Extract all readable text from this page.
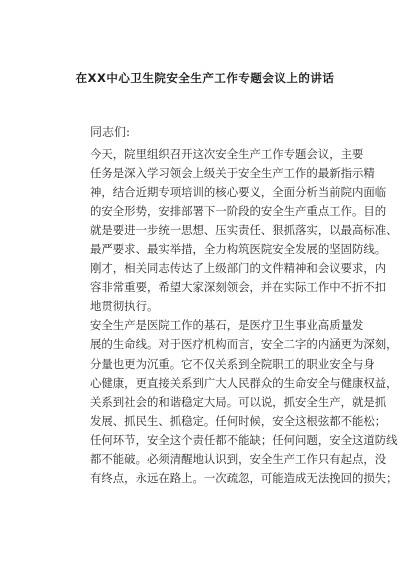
在XX中心卫生院安全生产工作专题会议上的讲话
同志们:
今天，院里组织召开这次安全生产工作专题会议，主要
任务是深入学习领会上级关于安全生产工作的最新指示精
神，结合近期专项培训的核心要义，全面分析当前院内面临
的安全形势，安排部署下一阶段的安全生产重点工作。目的
就是要进一步统一思想、压实责任、狠抓落实，以最高标准、
最严要求、最实举措，全力构筑医院安全发展的坚固防线。
刚才，相关同志传达了上级部门的文件精神和会议要求，内
容非常重要，希望大家深刻领会，并在实际工作中不折不扣
地贯彻执行。
安全生产是医院工作的基石，是医疗卫生事业高质量发
展的生命线。对于医疗机构而言，安全二字的内涵更为深刻，
分量也更为沉重。它不仅关系到全院职工的职业安全与身
心健康，更直接关系到广大人民群众的生命安全与健康权益，
关系到社会的和谐稳定大局。可以说，抓安全生产，就是抓
发展、抓民生、抓稳定。任何时候，安全这根弦都不能松；
任何环节，安全这个责任都不能缺；任何问题，安全这道防线
都不能破。必须清醒地认识到，安全生产工作只有起点，没
有终点，永远在路上。一次疏忽，可能造成无法挽回的损失；
